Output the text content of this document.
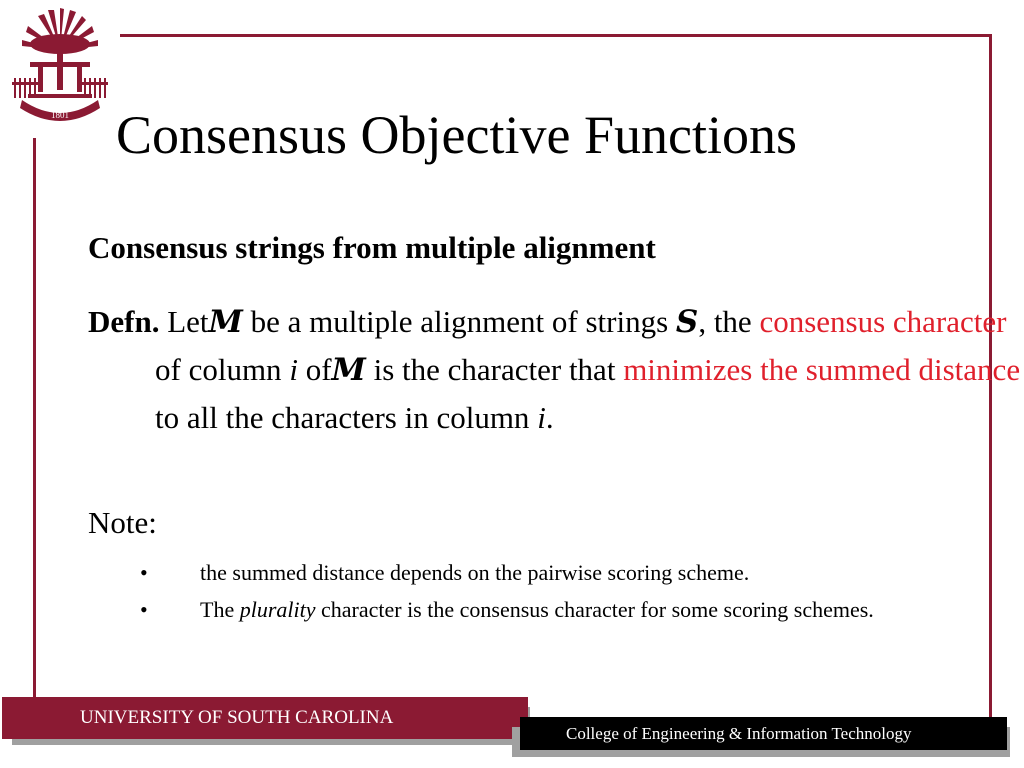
1801 Consensus Objective Functions
Consensus strings from multiple alignment
Defn. LetM be a multiple alignment of strings S, the consensus character of column i ofM is the character that minimizes the summed distance to all the characters in column i.
Note:
• the summed distance depends on the pairwise scoring scheme.
• The plurality character is the consensus character for some scoring schemes.
UNIVERSITY OF SOUTH CAROLINA
College of Engineering & Information Technology
